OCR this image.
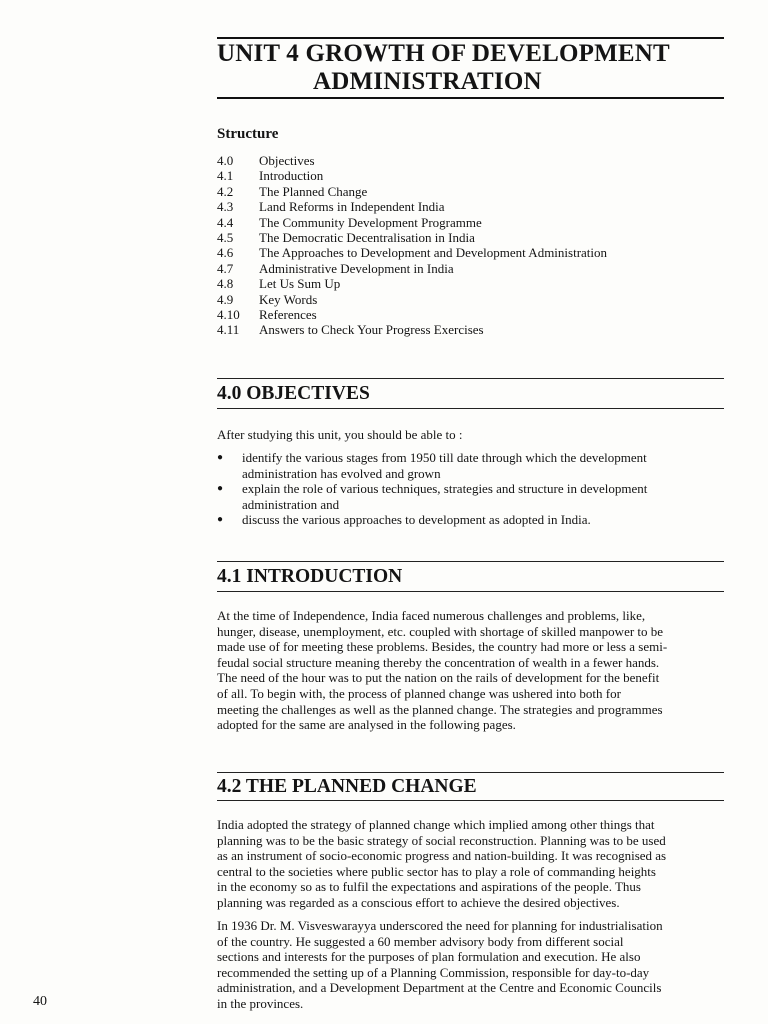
UNIT 4 GROWTH OF DEVELOPMENT
ADMINISTRATION
Structure
4.0	Objectives
4.1	Introduction
4.2	The Planned Change
4.3	Land Reforms in Independent India
4.4	The Community Development Programme
4.5	The Democratic Decentralisation in India
4.6	The Approaches to Development and Development Administration
4.7	Administrative Development in India
4.8	Let Us Sum Up
4.9	Key Words
4.10	References
4.11	Answers to Check Your Progress Exercises
4.0 OBJECTIVES
After studying this unit, you should be able to :
●	identify the various stages from 1950 till date through which the development
administration has evolved and grown
●	explain the role of various techniques, strategies and structure in development
administration and
●	discuss the various approaches to development as adopted in India.
4.1 INTRODUCTION
At the time of Independence, India faced numerous challenges and problems, like,
hunger, disease, unemployment, etc. coupled with shortage of skilled manpower to be
made use of for meeting these problems. Besides, the country had more or less a semi-
feudal social structure meaning thereby the concentration of wealth in a fewer hands.
The need of the hour was to put the nation on the rails of development for the benefit
of all. To begin with, the process of planned change was ushered into both for
meeting the challenges as well as the planned change. The strategies and programmes
adopted for the same are analysed in the following pages.
4.2 THE PLANNED CHANGE
India adopted the strategy of planned change which implied among other things that
planning was to be the basic strategy of social reconstruction. Planning was to be used
as an instrument of socio-economic progress and nation-building. It was recognised as
central to the societies where public sector has to play a role of commanding heights
in the economy so as to fulfil the expectations and aspirations of the people. Thus
planning was regarded as a conscious effort to achieve the desired objectives.
In 1936 Dr. M. Visveswarayya underscored the need for planning for industrialisation
of the country. He suggested a 60 member advisory body from different social
sections and interests for the purposes of plan formulation and execution. He also
recommended the setting up of a Planning Commission, responsible for day-to-day
administration, and a Development Department at the Centre and Economic Councils
in the provinces.
40
